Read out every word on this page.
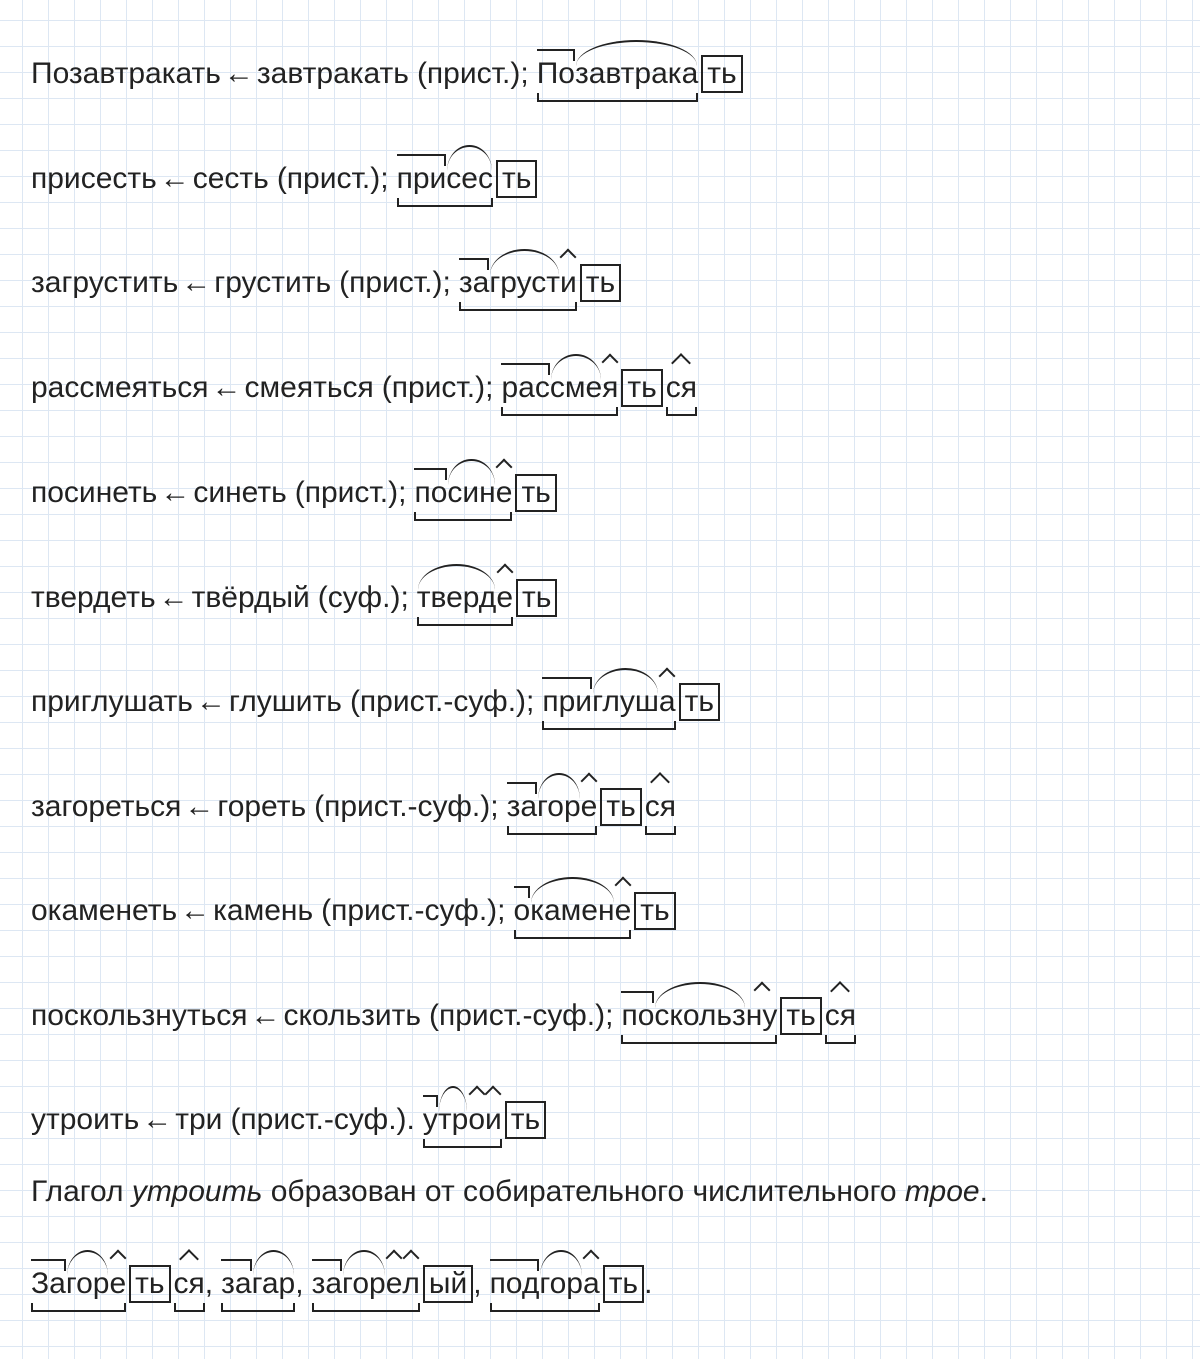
Позавтракать ← завтракать (прист.); Позавтрака ть
присесть ← сесть (прист.); присес ть
загрустить ← грустить (прист.); загрусти ть
рассмеяться ← смеяться (прист.); рассмея ть ся
посинеть ← синеть (прист.); посине ть
твердеть ← твёрдый (суф.); тверде ть
приглушать ← глушить (прист.-суф.); приглуша ть
загореться ← гореть (прист.-суф.); загоре ть ся
окаменеть ← камень (прист.-суф.); окамене ть
поскользнуться ← скользить (прист.-суф.); поскользну ть ся
утроить ← три (прист.-суф.). утрои ть
Глагол утроить образован от собирательного числительного трое.
Загоре ть ся , загар , загорел ый , подгора ть .
